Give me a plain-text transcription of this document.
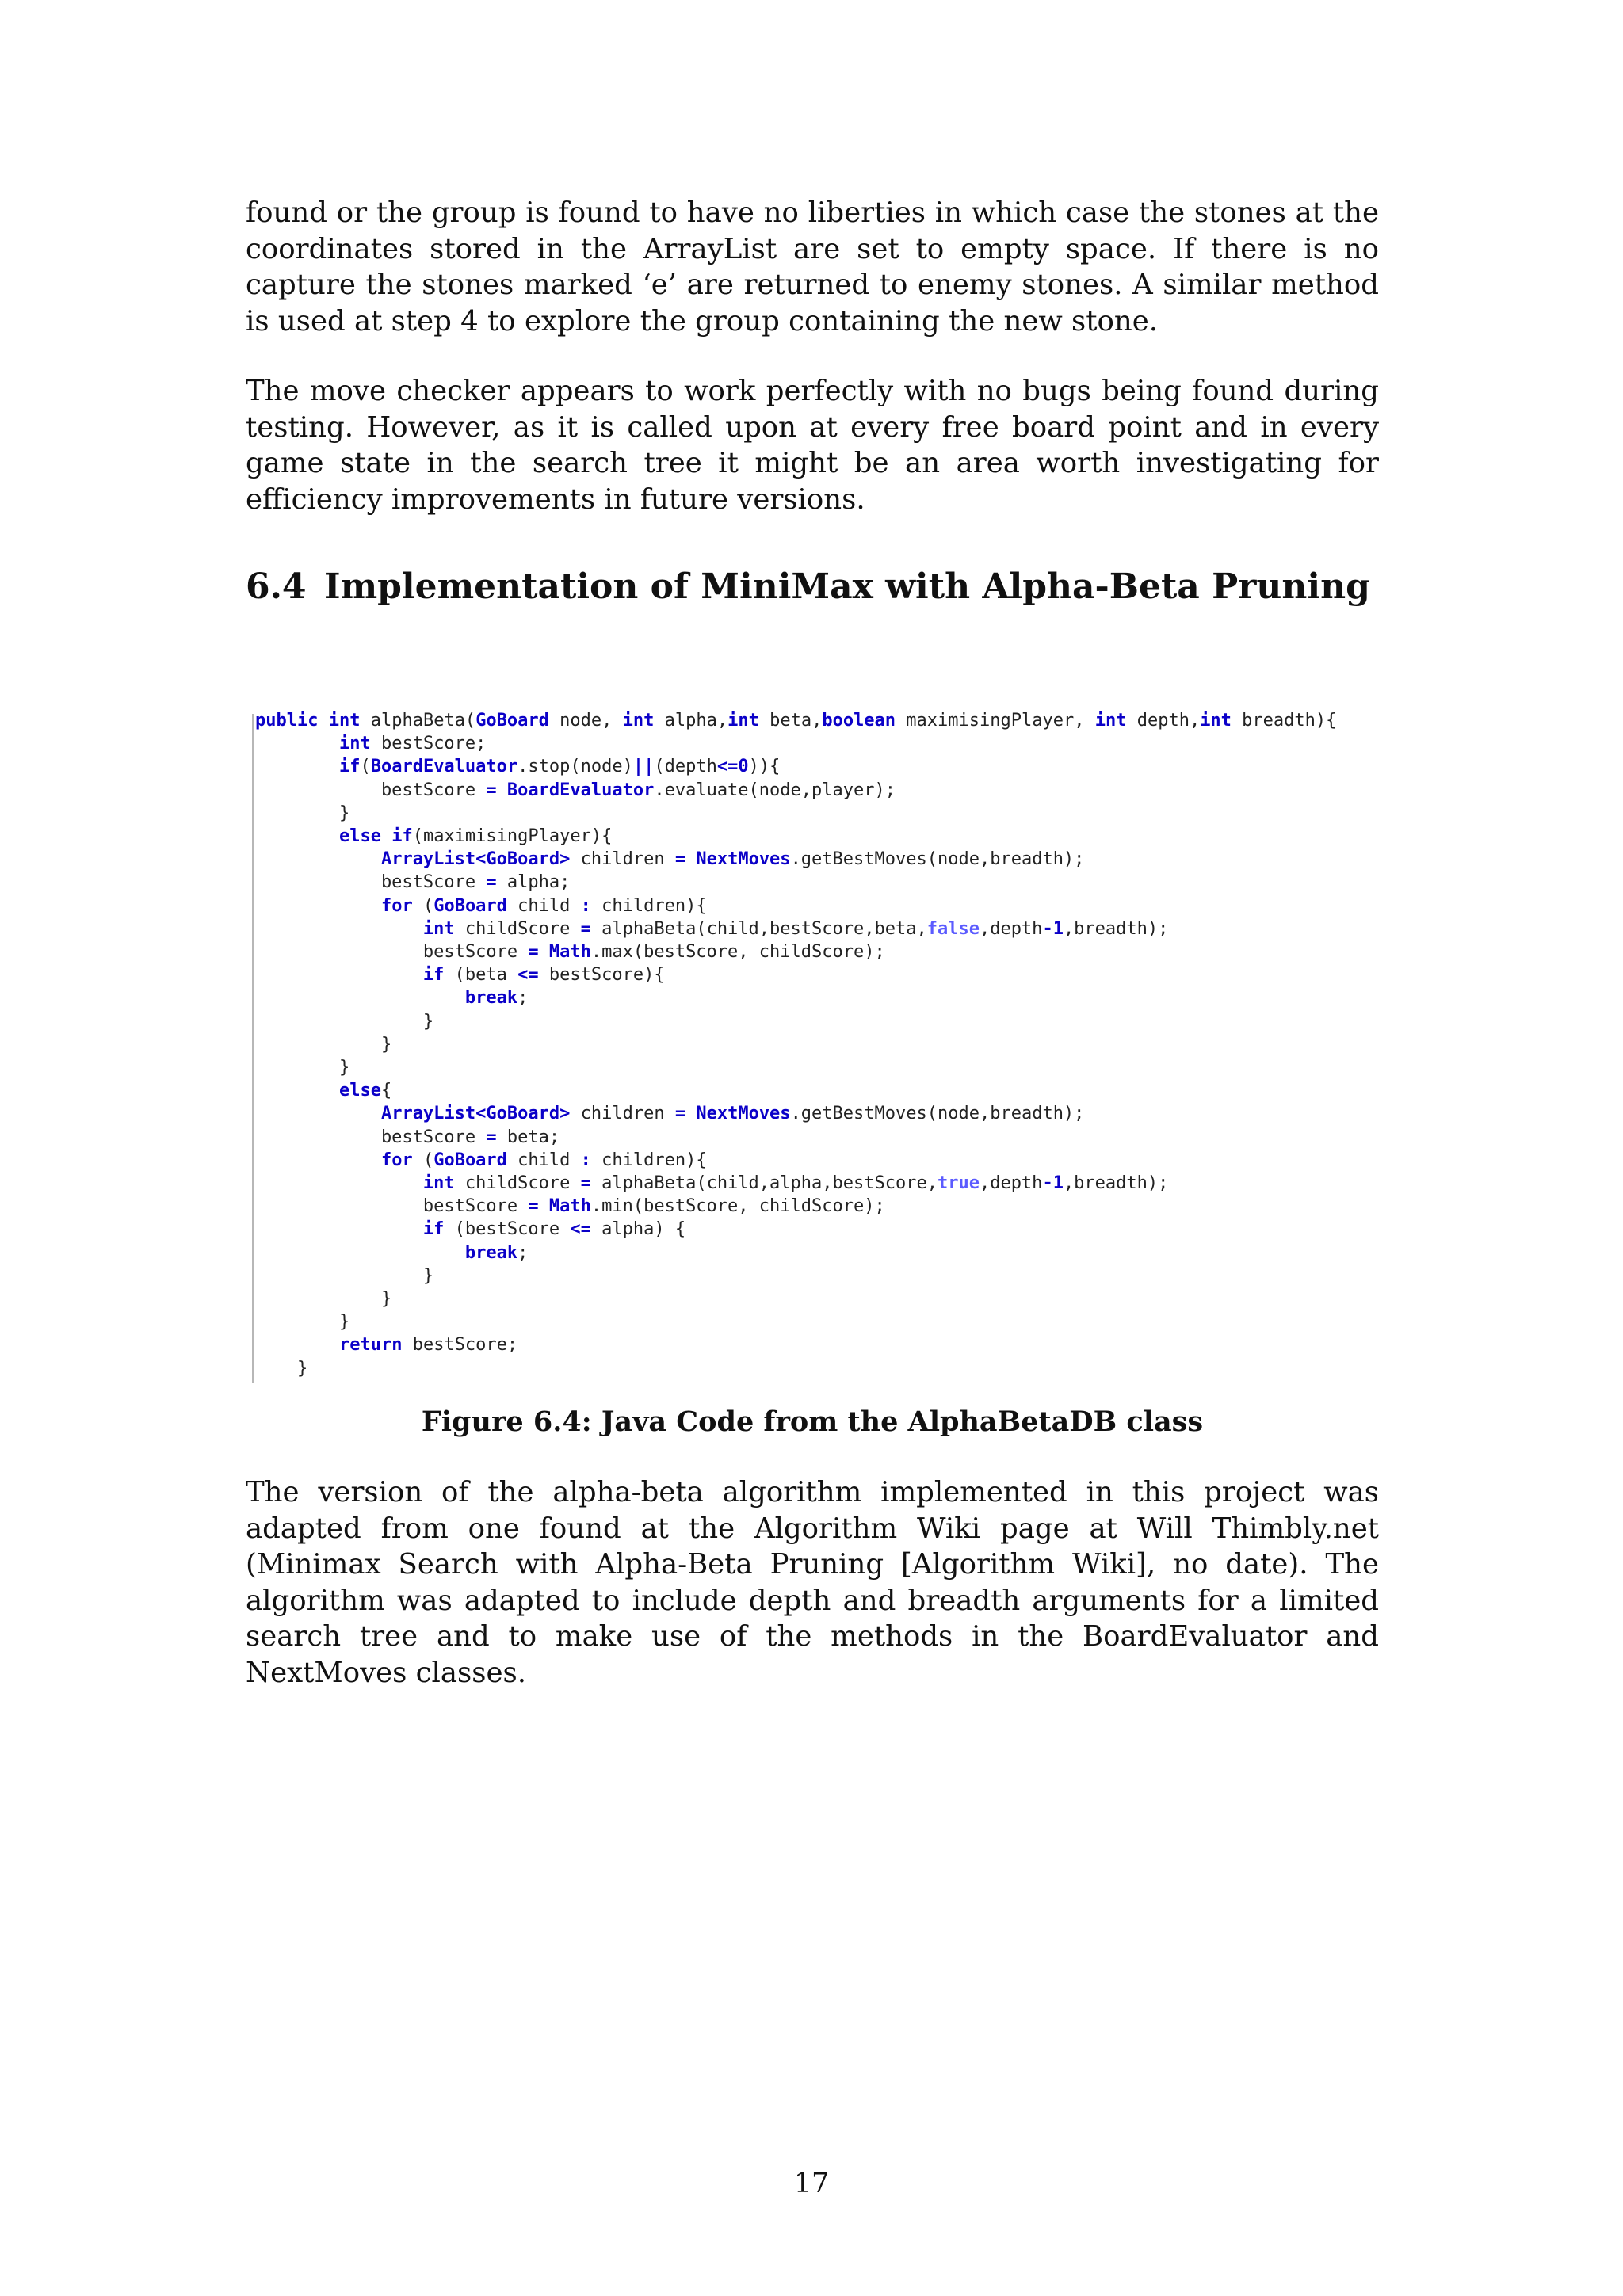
found or the group is found to have no liberties in which case the stones at the coordinates stored in the ArrayList are set to empty space. If there is no capture the stones marked ‘e’ are returned to enemy stones. A similar method is used at step 4 to explore the group containing the new stone.
The move checker appears to work perfectly with no bugs being found during testing. However, as it is called upon at every free board point and in every game state in the search tree it might be an area worth investigating for efficiency improvements in future versions.
6.4 Implementation of MiniMax with Alpha-Beta Pruning
public int alphaBeta(GoBoard node, int alpha,int beta,boolean maximisingPlayer, int depth,int breadth){
int bestScore;
if(BoardEvaluator.stop(node)||(depth<=0)){
bestScore = BoardEvaluator.evaluate(node,player);
}
else if(maximisingPlayer){
ArrayList<GoBoard> children = NextMoves.getBestMoves(node,breadth);
bestScore = alpha;
for (GoBoard child : children){
int childScore = alphaBeta(child,bestScore,beta,false,depth-1,breadth);
bestScore = Math.max(bestScore, childScore);
if (beta <= bestScore){
break;
}
}
}
else{
ArrayList<GoBoard> children = NextMoves.getBestMoves(node,breadth);
bestScore = beta;
for (GoBoard child : children){
int childScore = alphaBeta(child,alpha,bestScore,true,depth-1,breadth);
bestScore = Math.min(bestScore, childScore);
if (bestScore <= alpha) {
break;
}
}
}
return bestScore;
}
Figure 6.4: Java Code from the AlphaBetaDB class
The version of the alpha-beta algorithm implemented in this project was adapted from one found at the Algorithm Wiki page at Will Thimbly.net (Minimax Search with Alpha-Beta Pruning [Algorithm Wiki], no date). The algorithm was adapted to include depth and breadth arguments for a limited search tree and to make use of the methods in the BoardEvaluator and NextMoves classes.
17
